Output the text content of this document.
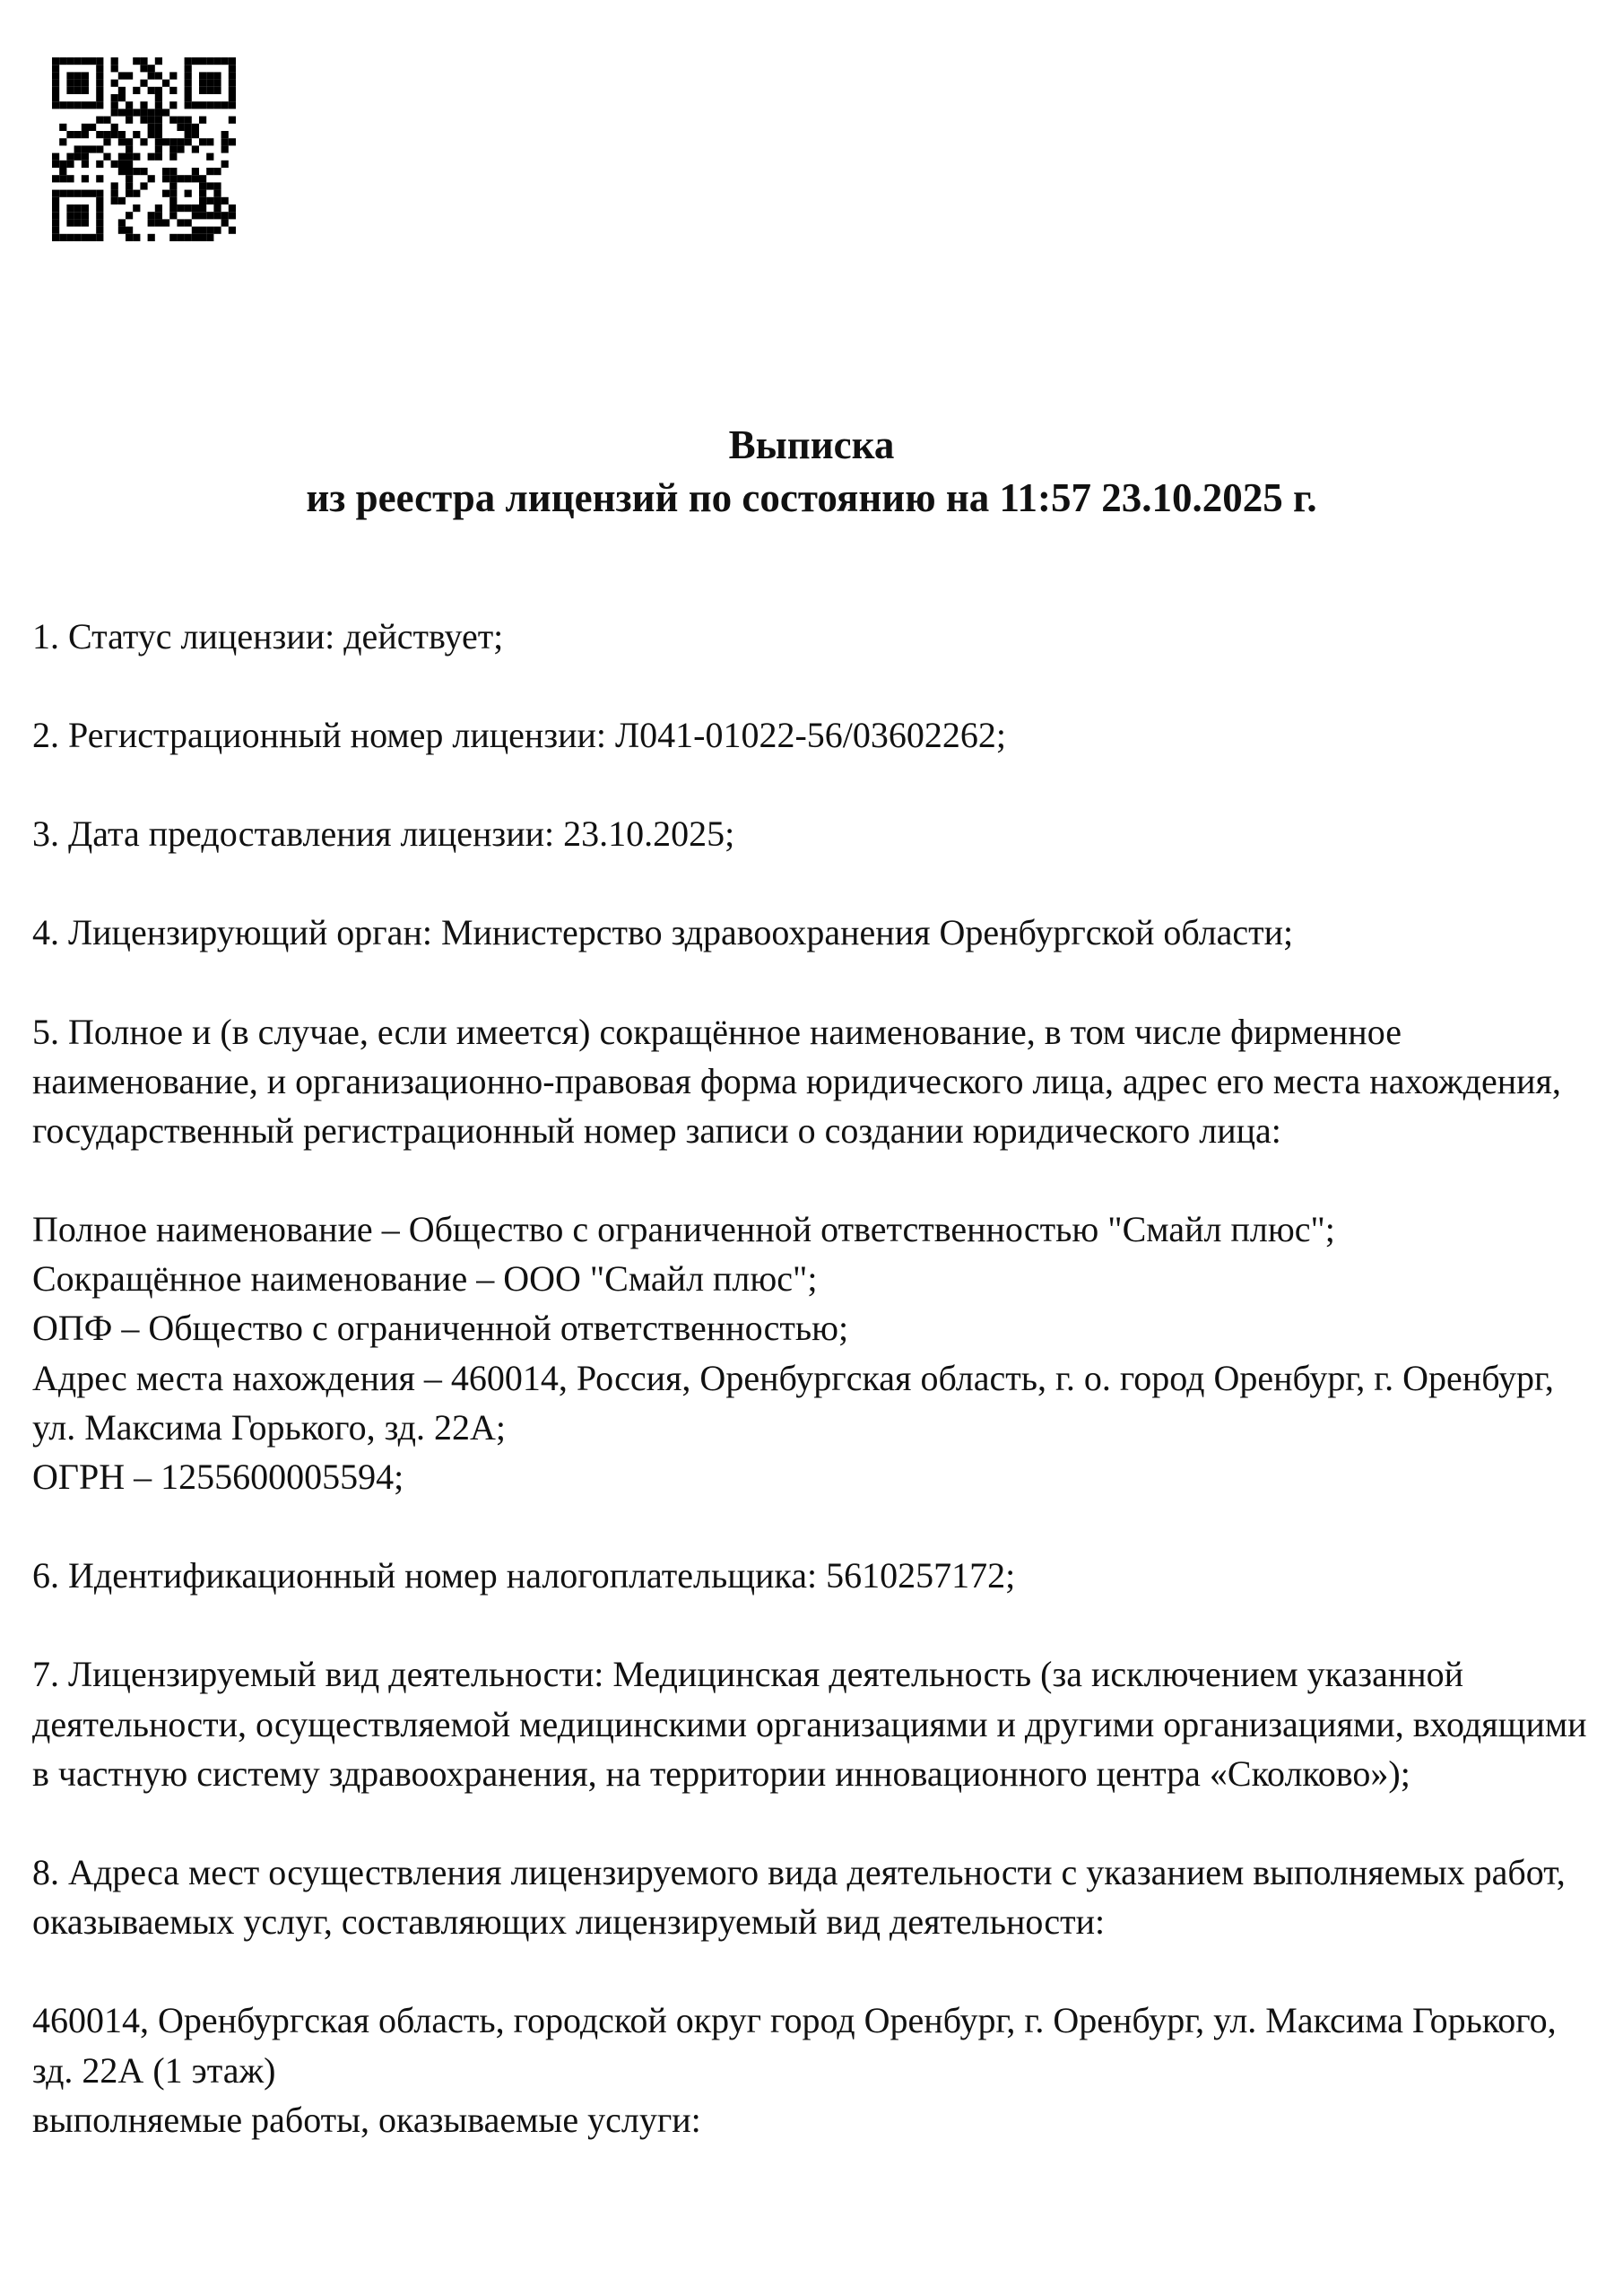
Выписка
из реестра лицензий по состоянию на 11:57 23.10.2025 г.

1. Статус лицензии: действует;

2. Регистрационный номер лицензии: Л041-01022-56/03602262;

3. Дата предоставления лицензии: 23.10.2025;

4. Лицензирующий орган: Министерство здравоохранения Оренбургской области;

5. Полное и (в случае, если имеется) сокращённое наименование, в том числе фирменное наименование, и организационно-правовая форма юридического лица, адрес его места нахождения, государственный регистрационный номер записи о создании юридического лица:

Полное наименование – Общество с ограниченной ответственностью "Смайл плюс";
Сокращённое наименование – ООО "Смайл плюс";
ОПФ – Общество с ограниченной ответственностью;
Адрес места нахождения – 460014, Россия, Оренбургская область, г. о. город Оренбург, г. Оренбург, ул. Максима Горького, зд. 22А;
ОГРН – 1255600005594;

6. Идентификационный номер налогоплательщика: 5610257172;

7. Лицензируемый вид деятельности: Медицинская деятельность (за исключением указанной деятельности, осуществляемой медицинскими организациями и другими организациями, входящими в частную систему здравоохранения, на территории инновационного центра «Сколково»);

8. Адреса мест осуществления лицензируемого вида деятельности с указанием выполняемых работ, оказываемых услуг, составляющих лицензируемый вид деятельности:

460014, Оренбургская область, городской округ город Оренбург, г. Оренбург, ул. Максима Горького, зд. 22А (1 этаж)
выполняемые работы, оказываемые услуги:
